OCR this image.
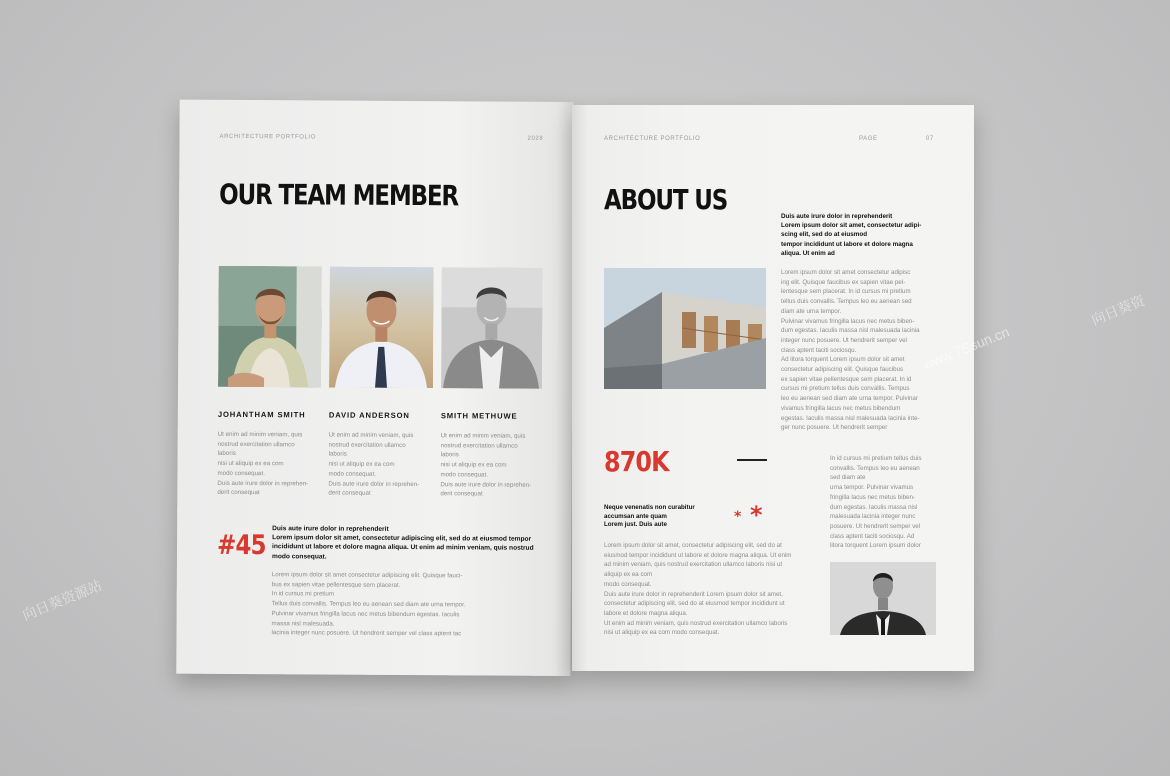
ARCHITECTURE PORTFOLIO	2028
OUR TEAM MEMBER
JOHANTHAM SMITH	DAVID ANDERSON	SMITH METHUWE
Ut enim ad minim veniam, quis
nostrud exercitation ullamco
laboris
nisi ut aliquip ex ea com
modo consequat.
Duis aute irure dolor in reprehen-
derit consequat
Ut enim ad minim veniam, quis
nostrud exercitation ullamco
laboris
nisi ut aliquip ex ea com
modo consequat.
Duis aute irure dolor in reprehen-
derit consequat
Ut enim ad minim veniam, quis
nostrud exercitation ullamco
laboris
nisi ut aliquip ex ea com
modo consequat.
Duis aute irure dolor in reprehen-
derit consequat
#45
Duis aute irure dolor in reprehenderit
Lorem ipsum dolor sit amet, consectetur adipiscing elit, sed do at eiusmod tempor
incididunt ut labore et dolore magna aliqua. Ut enim ad minim veniam, quis nostrud
modo consequat.
Lorem ipsum dolor sit amet consectetur adipiscing elit. Quisque fauci-
bus ex sapien vitae pellentesque sem placerat.
In id cursus mi pretium
Tellus duis convallis. Tempus leo eu aenean sed diam ate urna tempor.
Pulvinar vivamus fringilla lacus nec metus bibendum egestas. Iaculis
massa nisl malesuada.
lacinia integer nunc posuere. Ut hendrerit semper vel class aptent tac
ARCHITECTURE PORTFOLIO	PAGE	07
ABOUT US
Duis aute irure dolor in reprehenderit
Lorem ipsum dolor sit amet, consectetur adipi-
scing elit, sed do at eiusmod
tempor incididunt ut labore et dolore magna
aliqua. Ut enim ad
Lorem ipsum dolor sit amet consectetur adipisc
ing elit. Quisque faucibus ex sapien vitae pel-
lentesque sem placerat. In id cursus mi pretium
tellus duis convallis. Tempus leo eu aenean sed
diam ate urna tempor.
Pulvinar vivamus fringilla lacus nec metus biben-
dum egestas. Iaculis massa nisl malesuada lacinia
integer nunc posuere. Ut hendrerit semper vel
class aptent taciti sociosqu.
Ad litora torquent Lorem ipsum dolor sit amet
consectetur adipiscing elit. Quisque faucibus
ex sapien vitae pellentesque sem placerat. In id
cursus mi pretium tellus duis convallis. Tempus
leo eu aenean sed diam ate urna tempor. Pulvinar
vivamus fringilla lacus nec metus bibendum
egestas. Iaculis massa nisl malesuada lacinia inte-
ger nunc posuere. Ut hendrerit semper
870K
Neque venenatis non curabitur
accumsan ante quam
Lorem just. Duis aute	* *
Lorem ipsum dolor sit amet, consectetur adipiscing elit, sed do at
eiusmod tempor incididunt ut labore et dolore magna aliqua. Ut enim
ad minim veniam, quis nostrud exercitation ullamco laboris nisi ut
aliquip ex ea com
modo consequat.
Duis aute irure dolor in reprehenderit Lorem ipsum dolor sit amet,
consectetur adipiscing elit, sed do at eiusmod tempor incididunt ut
labore et dolore magna aliqua.
Ut enim ad minim veniam, quis nostrud exercitation ullamco laboris
nisi ut aliquip ex ea com modo consequat.
In id cursus mi pretium tellus duis
convallis. Tempus leo eu aenean
sed diam ate
urna tempor. Pulvinar vivamus
fringilla lacus nec metus biben-
dum egestas. Iaculis massa nisl
malesuada lacinia integer nunc
posuere. Ut hendrerit semper vel
class aptent taciti sociosqu. Ad
litora torquent Lorem ipsum dolor
向日葵资源站
www.7Ssun.cn
向日葵资
